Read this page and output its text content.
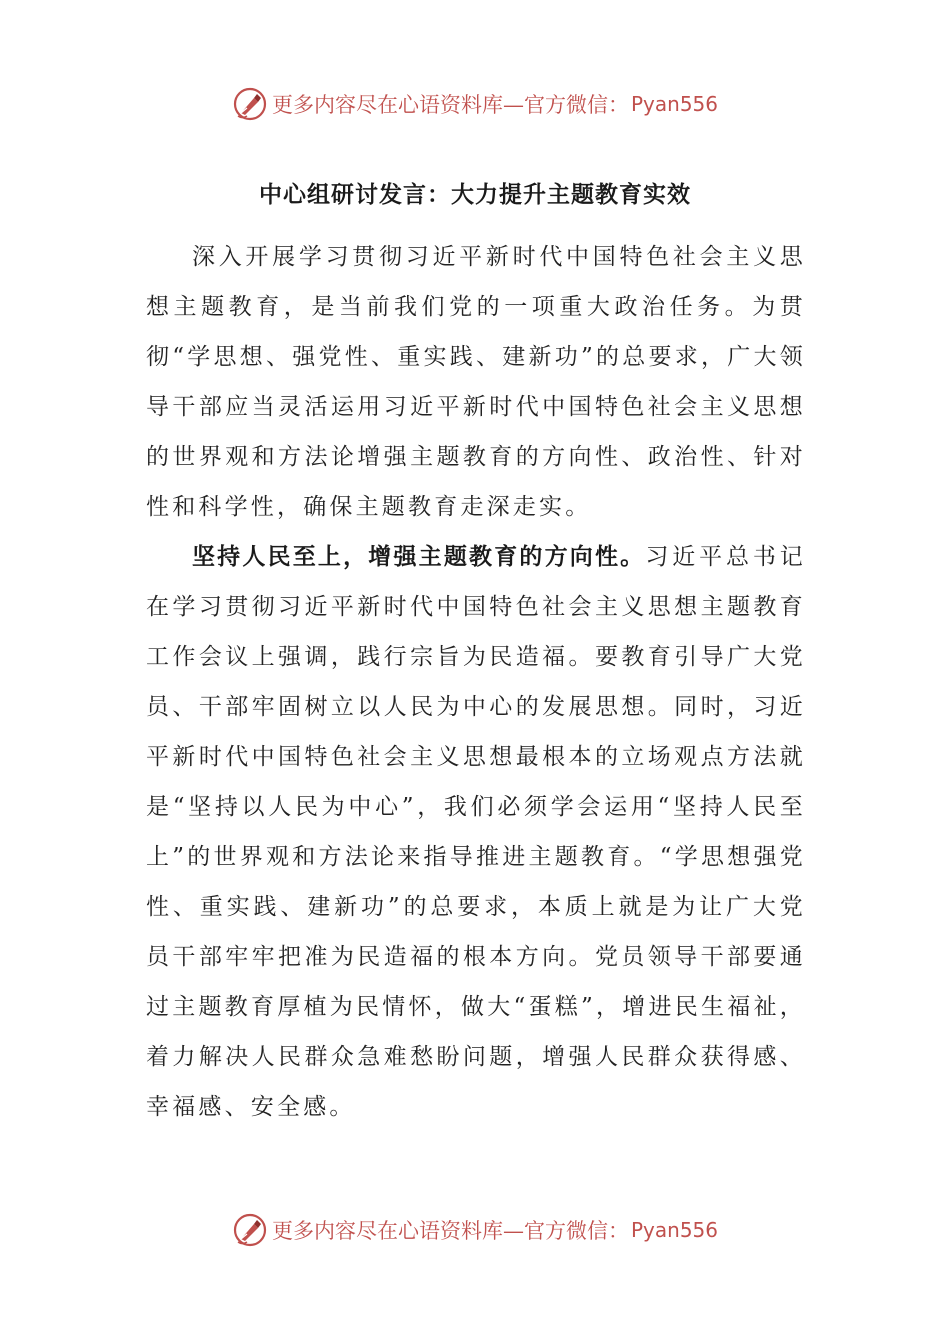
更多内容尽在心语资料库—官方微信： Pyan556
中心组研讨发言：大力提升主题教育实效

深入开展学习贯彻习近平新时代中国特色社会主义思想主题教育，是当前我们党的一项重大政治任务。为贯彻“学思想、强党性、重实践、建新功”的总要求，广大领导干部应当灵活运用习近平新时代中国特色社会主义思想的世界观和方法论增强主题教育的方向性、政治性、针对性和科学性，确保主题教育走深走实。

坚持人民至上，增强主题教育的方向性。习近平总书记在学习贯彻习近平新时代中国特色社会主义思想主题教育工作会议上强调，践行宗旨为民造福。要教育引导广大党员、干部牢固树立以人民为中心的发展思想。同时，习近平新时代中国特色社会主义思想最根本的立场观点方法就是“坚持以人民为中心”，我们必须学会运用“坚持人民至上”的世界观和方法论来指导推进主题教育。“学思想强党性、重实践、建新功”的总要求，本质上就是为让广大党员干部牢牢把准为民造福的根本方向。党员领导干部要通过主题教育厚植为民情怀，做大“蛋糕”，增进民生福祉，着力解决人民群众急难愁盼问题，增强人民群众获得感、幸福感、安全感。

更多内容尽在心语资料库—官方微信： Pyan556
